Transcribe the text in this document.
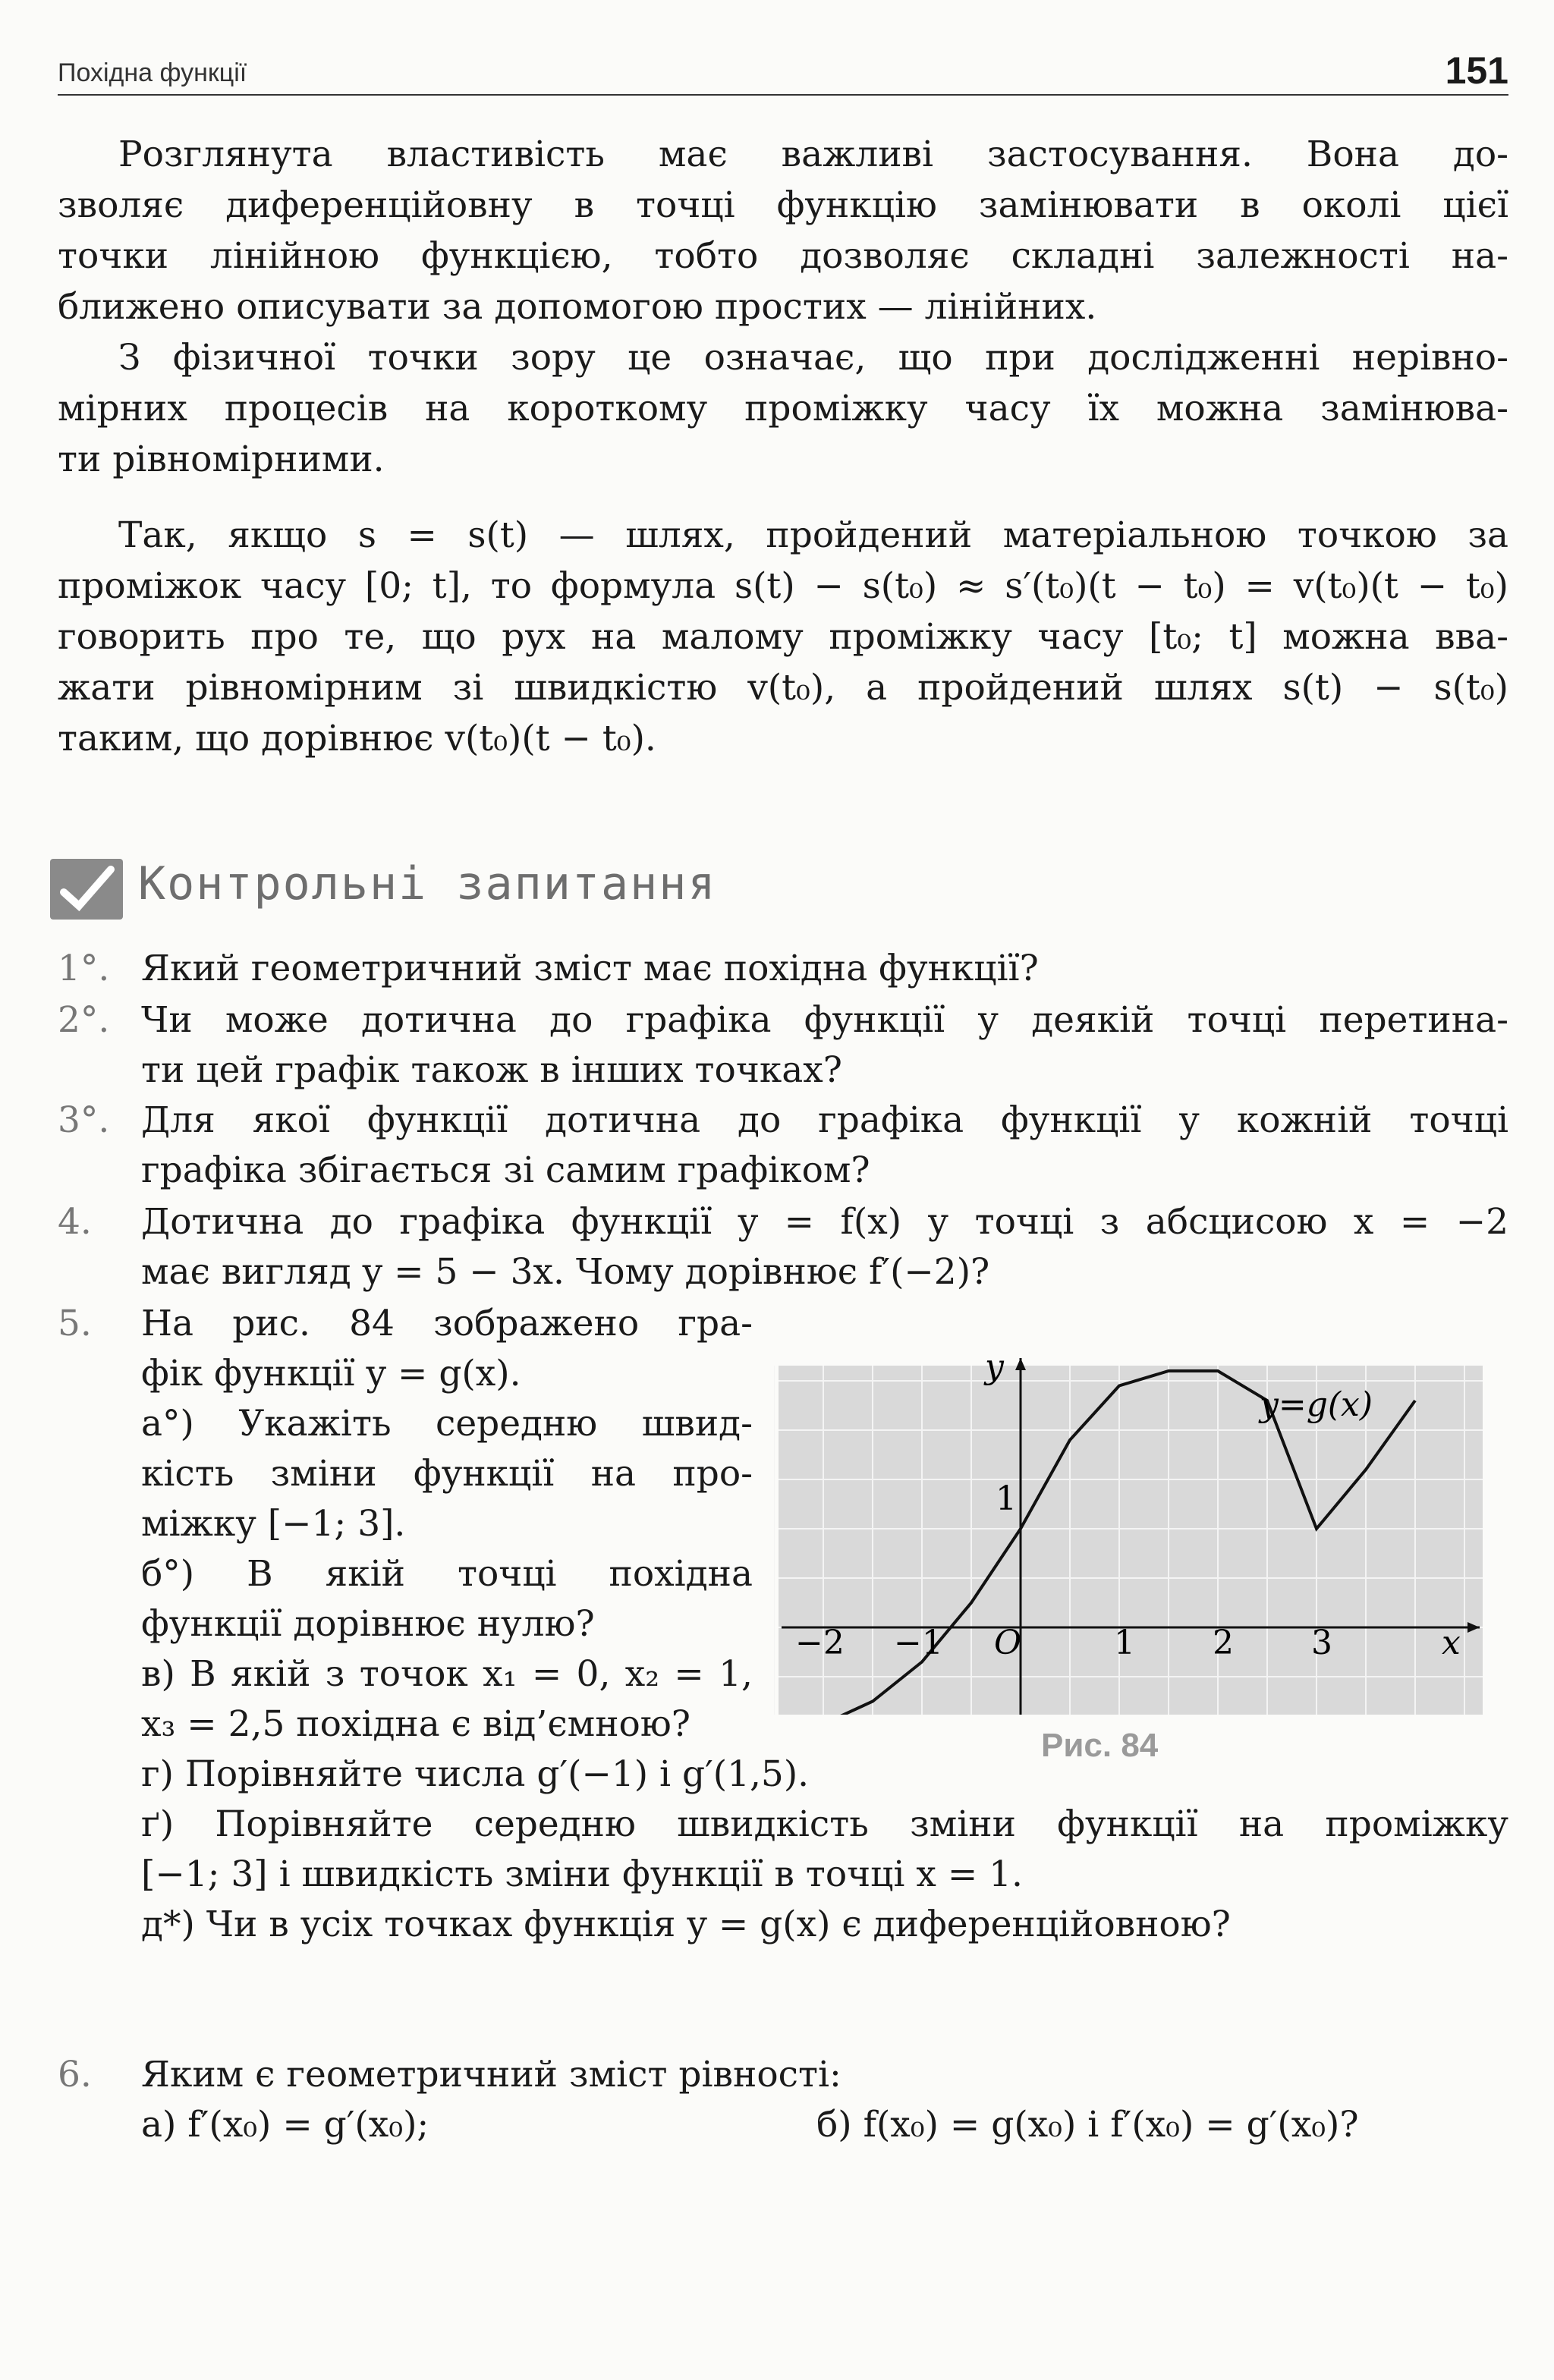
Похідна функції	151
Розглянута властивість має важливі застосування. Вона до-
зволяє диференційовну в точці функцію замінювати в околі цієї
точки лінійною функцією, тобто дозволяє складні залежності на-
ближено описувати за допомогою простих — лінійних.
З фізичної точки зору це означає, що при дослідженні нерівно-
мірних процесів на короткому проміжку часу їх можна замінюва-
ти рівномірними.
Так, якщо s = s(t) — шлях, пройдений матеріальною точкою за
проміжок часу [0; t], то формула s(t) − s(t₀) ≈ s′(t₀)(t − t₀) = v(t₀)(t − t₀)
говорить про те, що рух на малому проміжку часу [t₀; t] можна вва-
жати рівномірним зі швидкістю v(t₀), а пройдений шлях s(t) − s(t₀)
таким, що дорівнює v(t₀)(t − t₀).
Контрольні запитання
1°. Який геометричний зміст має похідна функції?
2°. Чи може дотична до графіка функції у деякій точці перетина-
ти цей графік також в інших точках?
3°. Для якої функції дотична до графіка функції у кожній точці
графіка збігається зі самим графіком?
4.	Дотична до графіка функції y = f(x) у точці з абсцисою x = −2
має вигляд y = 5 − 3x. Чому дорівнює f′(−2)?
5.	На рис. 84 зображено гра-
фік функції y = g(x).
а°) Укажіть середню швид-
кість зміни функції на про-
міжку [−1; 3].
б°) В якій точці похідна
функції дорівнює нулю?
в) В якій з точок x₁ = 0, x₂ = 1,
x₃ = 2,5 похідна є від’ємною?
г) Порівняйте числа g′(−1) і g′(1,5).
ґ) Порівняйте середню швидкість зміни функції на проміжку
[−1; 3] і швидкість зміни функції в точці x = 1.
д*) Чи в усіх точках функція y = g(x) є диференційовною?
y
x
O
1
−2 −1	1 2 3
y=g(x)
Рис. 84
6.	Яким є геометричний зміст рівності:
а) f′(x₀) = g′(x₀);	б) f(x₀) = g(x₀) і f′(x₀) = g′(x₀)?
